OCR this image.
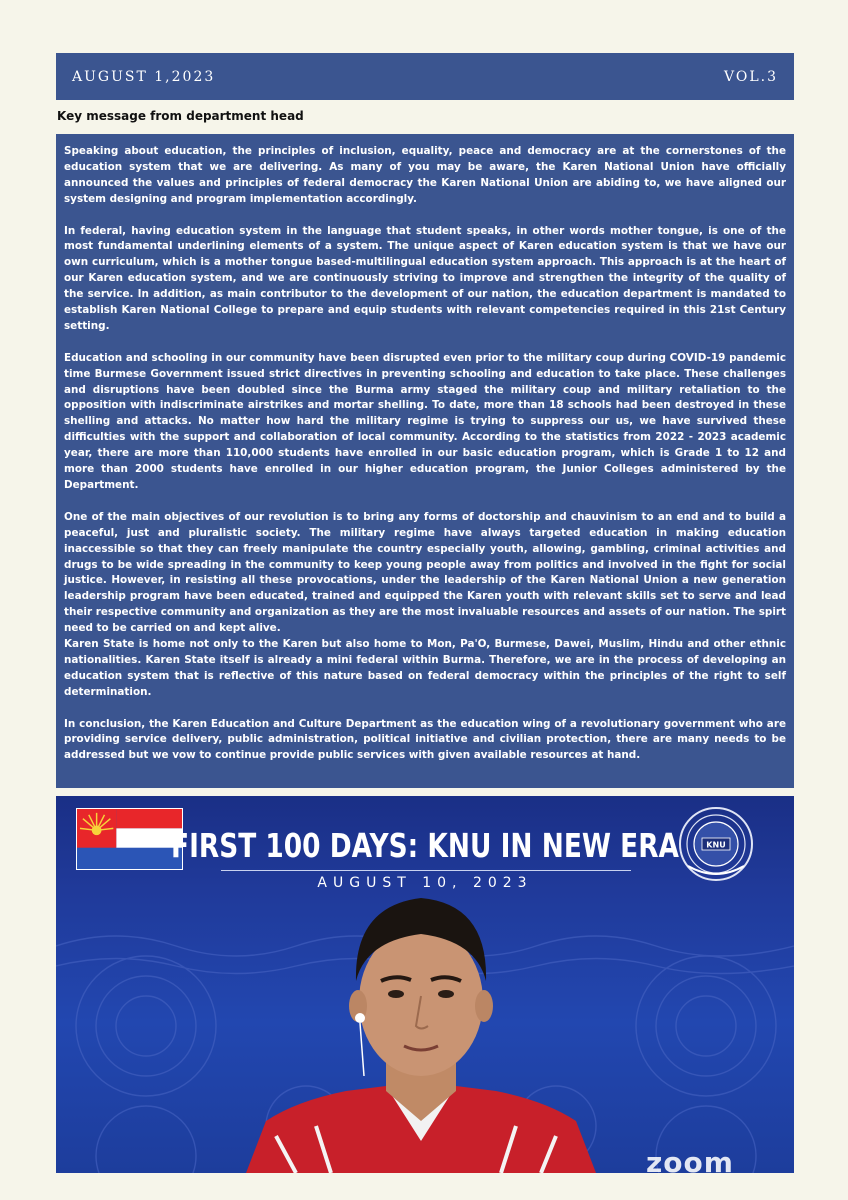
AUGUST 1,2023	VOL.3
Key message from department head

Speaking about education, the principles of inclusion, equality, peace and democracy are at the cornerstones of the education system that we are delivering. As many of you may be aware, the Karen National Union have officially announced the values and principles of federal democracy the Karen National Union are abiding to, we have aligned our system designing and program implementation accordingly.

In federal, having education system in the language that student speaks, in other words mother tongue, is one of the most fundamental underlining elements of a system. The unique aspect of Karen education system is that we have our own curriculum, which is a mother tongue based-multilingual education system approach. This approach is at the heart of our Karen education system, and we are continuously striving to improve and strengthen the integrity of the quality of the service. In addition, as main contributor to the development of our nation, the education department is mandated to establish Karen National College to prepare and equip students with relevant competencies required in this 21st Century setting.

Education and schooling in our community have been disrupted even prior to the military coup during COVID-19 pandemic time Burmese Government issued strict directives in preventing schooling and education to take place. These challenges and disruptions have been doubled since the Burma army staged the military coup and military retaliation to the opposition with indiscriminate airstrikes and mortar shelling. To date, more than 18 schools had been destroyed in these shelling and attacks. No matter how hard the military regime is trying to suppress our us, we have survived these difficulties with the support and collaboration of local community. According to the statistics from 2022 - 2023 academic year, there are more than 110,000 students have enrolled in our basic education program, which is Grade 1 to 12 and more than 2000 students have enrolled in our higher education program, the Junior Colleges administered by the Department.

One of the main objectives of our revolution is to bring any forms of doctorship and chauvinism to an end and to build a peaceful, just and pluralistic society. The military regime have always targeted education in making education inaccessible so that they can freely manipulate the country especially youth, allowing, gambling, criminal activities and drugs to be wide spreading in the community to keep young people away from politics and involved in the fight for social justice. However, in resisting all these provocations, under the leadership of the Karen National Union a new generation leadership program have been educated, trained and equipped the Karen youth with relevant skills set to serve and lead their respective community and organization as they are the most invaluable resources and assets of our nation. The spirt need to be carried on and kept alive.

Karen State is home not only to the Karen but also home to Mon, Pa'O, Burmese, Dawei, Muslim, Hindu and other ethnic nationalities. Karen State itself is already a mini federal within Burma. Therefore, we are in the process of developing an education system that is reflective of this nature based on federal democracy within the principles of the right to self determination.

In conclusion, the Karen Education and Culture Department as the education wing of a revolutionary government who are providing service delivery, public administration, political initiative and civilian protection, there are many needs to be addressed but we vow to continue provide public services with given available resources at hand.

KNU
FIRST 100 DAYS: KNU IN NEW ERA
AUGUST 10, 2023
zoom
